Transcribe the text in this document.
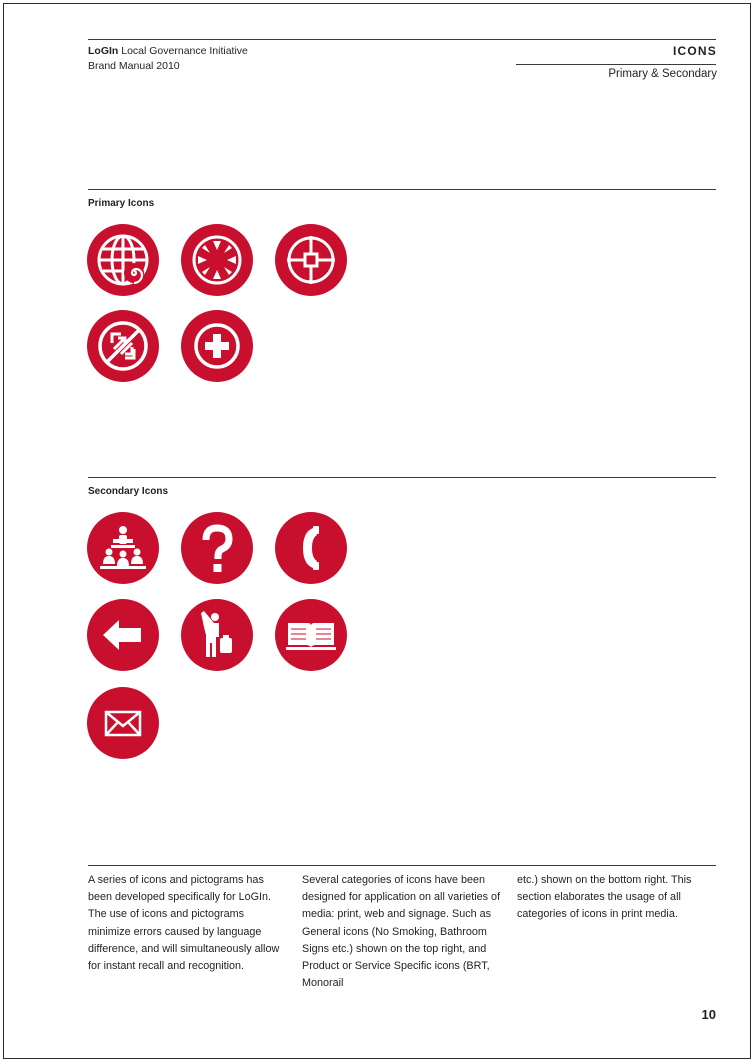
LoGIn Local Governance Initiative
Brand Manual 2010
ICONS
Primary & Secondary
Primary Icons
Secondary Icons
A series of icons and pictograms has been developed specifically for LoGIn. The use of icons and pictograms minimize errors caused by language difference, and will simultaneously allow for instant recall and recognition.
Several categories of icons have been designed for application on all varieties of media: print, web and signage. Such as General icons (No Smoking, Bathroom Signs etc.) shown on the top right, and Product or Service Specific icons (BRT, Monorail
etc.) shown on the bottom right. This section elaborates the usage of all categories of icons in print media.
10
